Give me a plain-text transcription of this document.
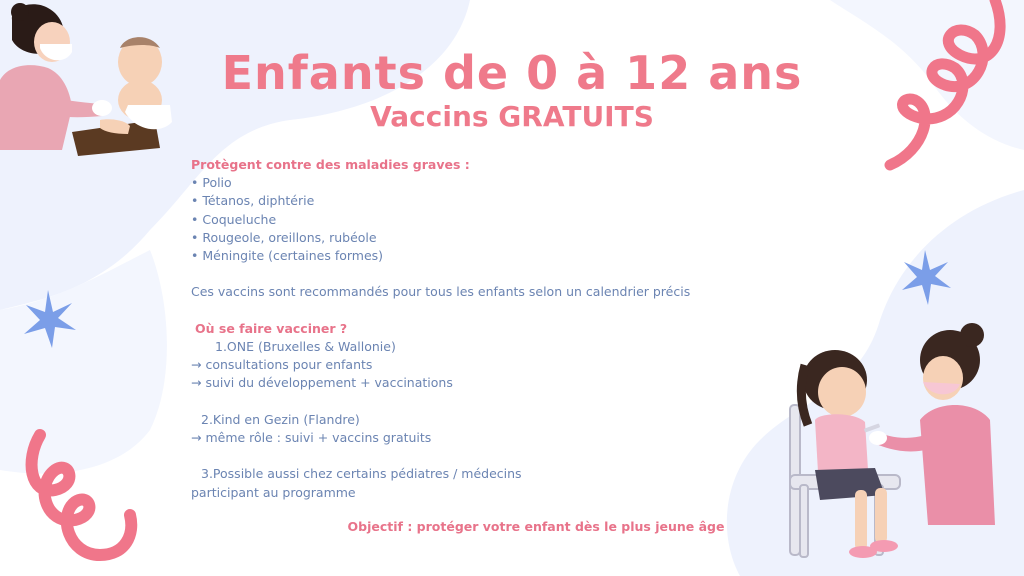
Enfants de 0 à 12 ans
Vaccins GRATUITS
Protègent contre des maladies graves :
• Polio
• Tétanos, diphtérie
• Coqueluche
• Rougeole, oreillons, rubéole
• Méningite (certaines formes)
Ces vaccins sont recommandés pour tous les enfants selon un calendrier précis
Où se faire vacciner ?
1.ONE (Bruxelles & Wallonie)
→ consultations pour enfants
→ suivi du développement + vaccinations
2.Kind en Gezin (Flandre)
→ même rôle : suivi + vaccins gratuits
3.Possible aussi chez certains pédiatres / médecins
participant au programme
Objectif : protéger votre enfant dès le plus jeune âge
